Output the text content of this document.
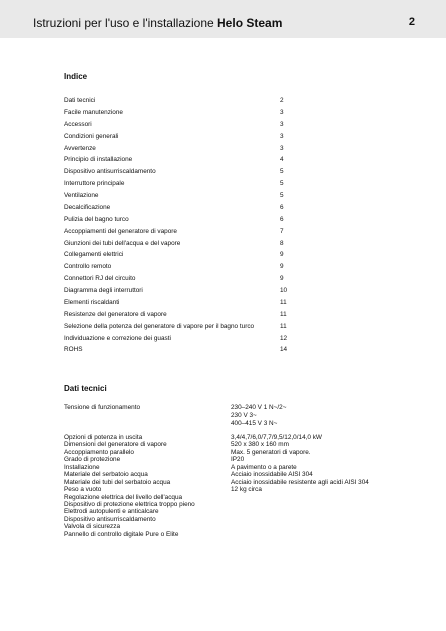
Istruzioni per l'uso e l'installazione Helo Steam	2
Indice
Dati tecnici	2
Facile manutenzione	3
Accessori	3
Condizioni generali	3
Avvertenze	3
Principio di installazione	4
Dispositivo antisurriscaldamento	5
Interruttore principale	5
Ventilazione	5
Decalcificazione	6
Pulizia del bagno turco	6
Accoppiamenti del generatore di vapore	7
Giunzioni dei tubi dell'acqua e del vapore	8
Collegamenti elettrici	9
Controllo remoto	9
Connettori RJ del circuito	9
Diagramma degli interruttori	10
Elementi riscaldanti	11
Resistenze del generatore di vapore	11
Selezione della potenza del generatore di vapore per il bagno turco	11
Individuazione e correzione dei guasti	12
ROHS	14
Dati tecnici
Tensione di funzionamento	230–240 V 1 N~/2~
230 V 3~
400–415 V 3 N~
Opzioni di potenza in uscita	3,4/4,7/6,0/7,7/9,5/12,0/14,0 kW
Dimensioni del generatore di vapore	520 x 380 x 160 mm
Accoppiamento parallelo	Max. 5 generatori di vapore.
Grado di protezione	IP20
Installazione	A pavimento o a parete
Materiale del serbatoio acqua	Acciaio inossidabile AISI 304
Materiale dei tubi del serbatoio acqua	Acciaio inossidabile resistente agli acidi AISI 304
Peso a vuoto	12 kg circa
Regolazione elettrica del livello dell'acqua
Dispositivo di protezione elettrica troppo pieno
Elettrodi autopulenti e anticalcare
Dispositivo antisurriscaldamento
Valvola di sicurezza
Pannello di controllo digitale Pure o Elite
